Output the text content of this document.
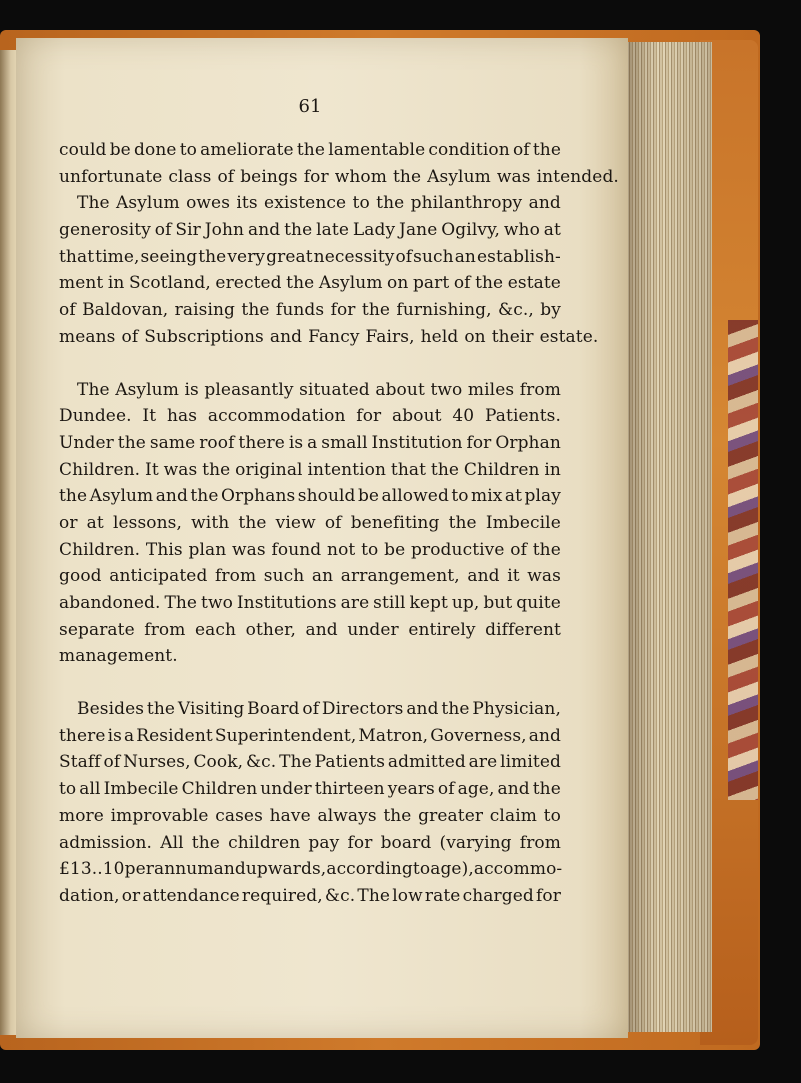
61
could be done to ameliorate the lamentable condition of the
unfortunate class of beings for whom the Asylum was intended.
The Asylum owes its existence to the philanthropy and
generosity of Sir John and the late Lady Jane Ogilvy, who at
that time, seeing the very great necessity of such an establish-
ment in Scotland, erected the Asylum on part of the estate
of Baldovan, raising the funds for the furnishing, &c., by
means of Subscriptions and Fancy Fairs, held on their estate.
The Asylum is pleasantly situated about two miles from
Dundee. It has accommodation for about 40 Patients.
Under the same roof there is a small Institution for Orphan
Children. It was the original intention that the Children in
the Asylum and the Orphans should be allowed to mix at play
or at lessons, with the view of benefiting the Imbecile
Children. This plan was found not to be productive of the
good anticipated from such an arrangement, and it was
abandoned. The two Institutions are still kept up, but quite
separate from each other, and under entirely different
management.
Besides the Visiting Board of Directors and the Physician,
there is a Resident Superintendent, Matron, Governess, and
Staff of Nurses, Cook, &c. The Patients admitted are limited
to all Imbecile Children under thirteen years of age, and the
more improvable cases have always the greater claim to
admission. All the children pay for board (varying from
£13..10 per annum and upwards, according to age), accommo-
dation, or attendance required, &c. The low rate charged for
